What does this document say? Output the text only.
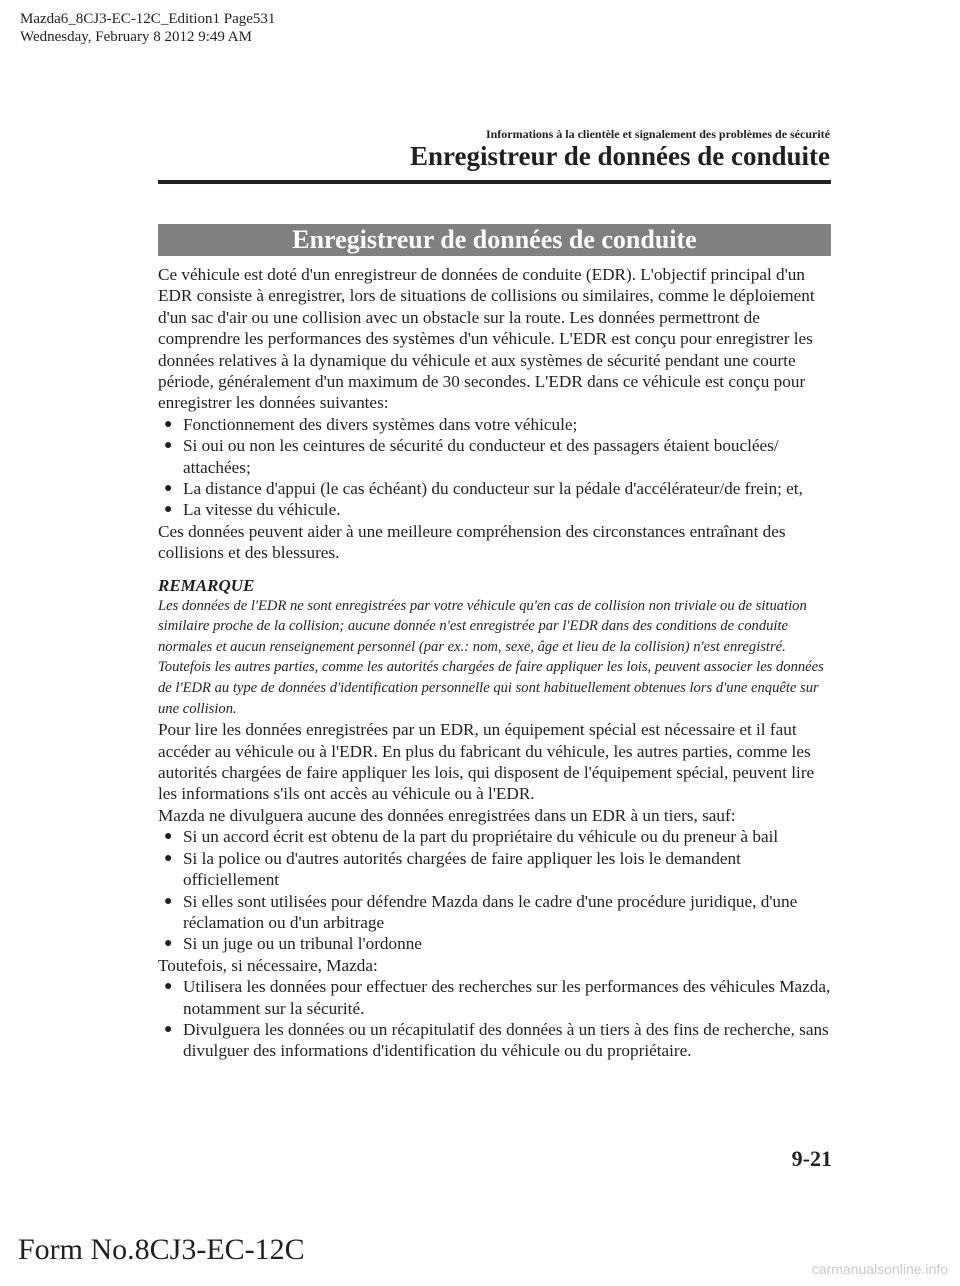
Mazda6_8CJ3-EC-12C_Edition1 Page531
Wednesday, February 8 2012 9:49 AM
Informations à la clientèle et signalement des problèmes de sécurité
Enregistreur de données de conduite
Enregistreur de données de conduite

Ce véhicule est doté d'un enregistreur de données de conduite (EDR). L'objectif principal d'un EDR consiste à enregistrer, lors de situations de collisions ou similaires, comme le déploiement d'un sac d'air ou une collision avec un obstacle sur la route. Les données permettront de comprendre les performances des systèmes d'un véhicule. L'EDR est conçu pour enregistrer les données relatives à la dynamique du véhicule et aux systèmes de sécurité pendant une courte période, généralement d'un maximum de 30 secondes. L'EDR dans ce véhicule est conçu pour enregistrer les données suivantes:

● Fonctionnement des divers systèmes dans votre véhicule;
● Si oui ou non les ceintures de sécurité du conducteur et des passagers étaient bouclées/ attachées;
● La distance d'appui (le cas échéant) du conducteur sur la pédale d'accélérateur/de frein; et,
● La vitesse du véhicule.

Ces données peuvent aider à une meilleure compréhension des circonstances entraînant des collisions et des blessures.

REMARQUE

Les données de l'EDR ne sont enregistrées par votre véhicule qu'en cas de collision non triviale ou de situation similaire proche de la collision; aucune donnée n'est enregistrée par l'EDR dans des conditions de conduite normales et aucun renseignement personnel (par ex.: nom, sexe, âge et lieu de la collision) n'est enregistré. Toutefois les autres parties, comme les autorités chargées de faire appliquer les lois, peuvent associer les données de l'EDR au type de données d'identification personnelle qui sont habituellement obtenues lors d'une enquête sur une collision.

Pour lire les données enregistrées par un EDR, un équipement spécial est nécessaire et il faut accéder au véhicule ou à l'EDR. En plus du fabricant du véhicule, les autres parties, comme les autorités chargées de faire appliquer les lois, qui disposent de l'équipement spécial, peuvent lire les informations s'ils ont accès au véhicule ou à l'EDR.

Mazda ne divulguera aucune des données enregistrées dans un EDR à un tiers, sauf:

● Si un accord écrit est obtenu de la part du propriétaire du véhicule ou du preneur à bail
● Si la police ou d'autres autorités chargées de faire appliquer les lois le demandent officiellement
● Si elles sont utilisées pour défendre Mazda dans le cadre d'une procédure juridique, d'une réclamation ou d'un arbitrage
● Si un juge ou un tribunal l'ordonne

Toutefois, si nécessaire, Mazda:

● Utilisera les données pour effectuer des recherches sur les performances des véhicules Mazda, notamment sur la sécurité.
● Divulguera les données ou un récapitulatif des données à un tiers à des fins de recherche, sans divulguer des informations d'identification du véhicule ou du propriétaire.
9-21
Form No.8CJ3-EC-12C
carmanualsonline.info
